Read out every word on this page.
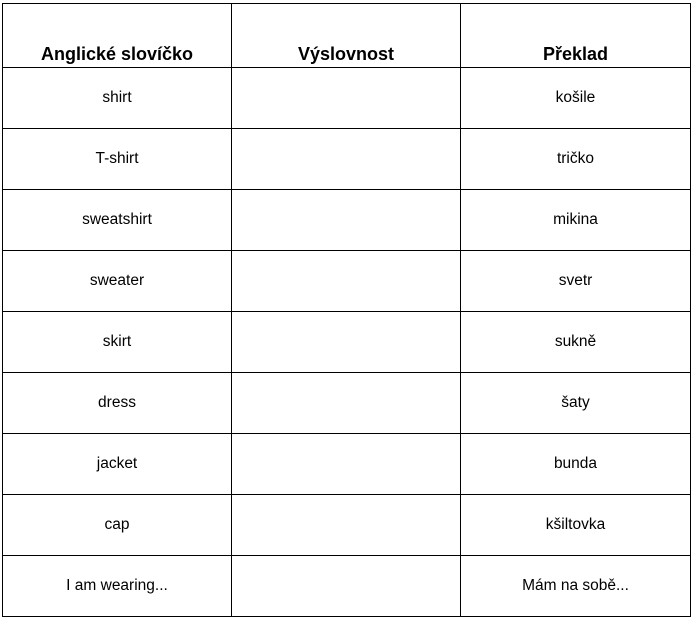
Anglické slovíčko	Výslovnost	Překlad
shirt		košile
T-shirt		tričko
sweatshirt		mikina
sweater		svetr
skirt		sukně
dress		šaty
jacket		bunda
cap		kšiltovka
I am wearing...		Mám na sobě...
